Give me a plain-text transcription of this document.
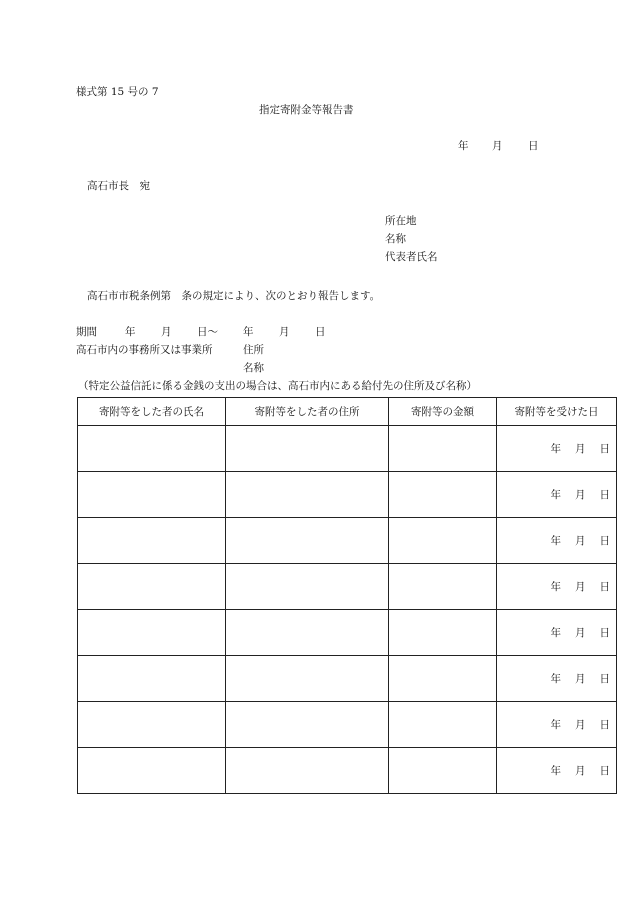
様式第 15 号の 7
指定寄附金等報告書
年 月 日
高石市長　宛
所在地
名称
代表者氏名
高石市市税条例第　条の規定により、次のとおり報告します。
期間	年 月 日～ 年 月 日
高石市内の事務所又は事業所	住所
名称
（特定公益信託に係る金銭の支出の場合は、高石市内にある給付先の住所及び名称）
寄附等をした者の氏名	寄附等をした者の住所	寄附等の金額	寄附等を受けた日
			年 月 日
			年 月 日
			年 月 日
			年 月 日
			年 月 日
			年 月 日
			年 月 日
			年 月 日
